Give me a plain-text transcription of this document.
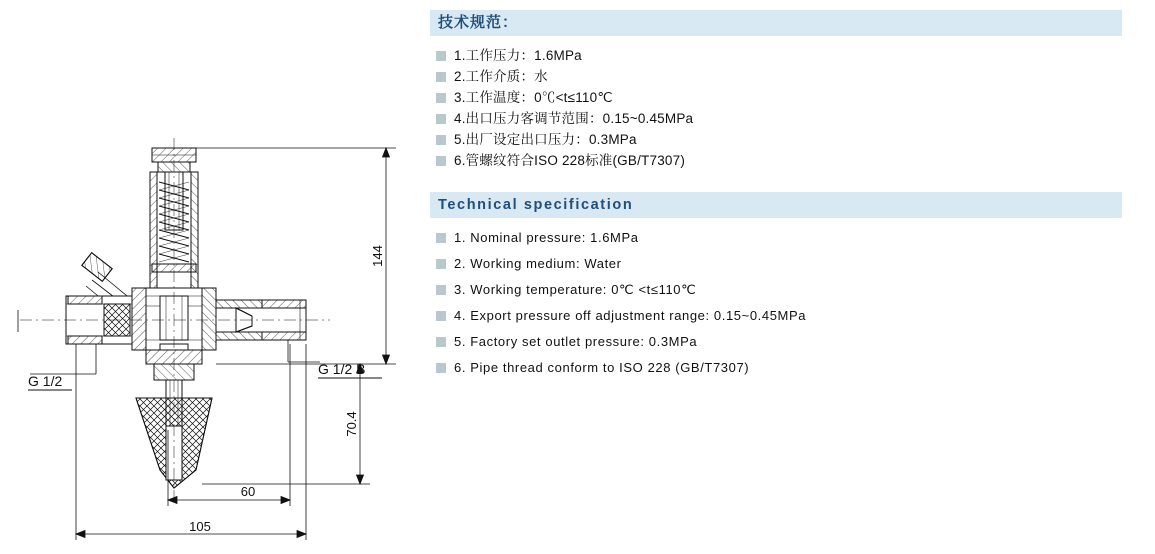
60
105
144
70.4
G 1/2
G 1/2 B
技术规范：
1.工作压力：1.6MPa
2.工作介质：水
3.工作温度：0℃<t≤110℃
4.出口压力客调节范围：0.15~0.45MPa
5.出厂设定出口压力：0.3MPa
6.管螺纹符合ISO 228标准(GB/T7307)
Technical specification
1. Nominal pressure: 1.6MPa
2. Working medium: Water
3. Working temperature: 0℃ <t≤110℃
4. Export pressure off adjustment range: 0.15~0.45MPa
5. Factory set outlet pressure: 0.3MPa
6. Pipe thread conform to ISO 228 (GB/T7307)
